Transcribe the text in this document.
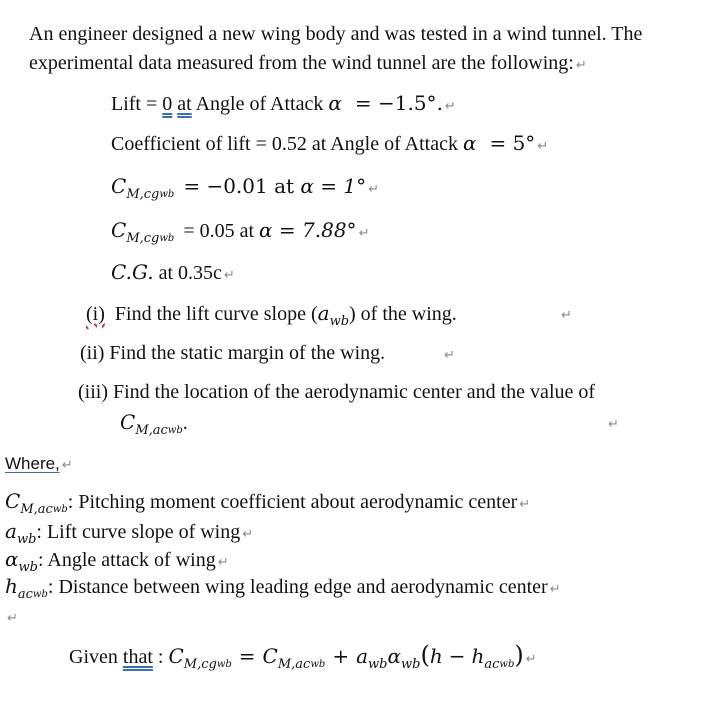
An engineer designed a new wing body and was tested in a wind tunnel. The
experimental data measured from the wind tunnel are the following: ↵
Lift = 0 at Angle of Attack α = −1.5°. ↵
Coefficient of lift = 0.52 at Angle of Attack α = 5° ↵
$C_{M,cgwb} = -0.01$ at α = 1° ↵
$C_{M,cgwb} = 0.05$ at α = 7.88° ↵
C.G. at 0.35c ↵
(i) Find the lift curve slope $(a_{wb})$ of the wing.	↵
(ii) Find the static margin of the wing.	↵
(iii) Find the location of the aerodynamic center and the value of
$C_{M,acwb}$.	↵
Where, ↵
$C_{M,acwb}$: Pitching moment coefficient about aerodynamic center ↵
$a_{wb}$: Lift curve slope of wing ↵
$\alpha_{wb}$: Angle attack of wing ↵
$h_{acwb}$: Distance between wing leading edge and aerodynamic center ↵
↵
Given that : $C_{M,cgwb} = C_{M,acwb} + a_{wb}\alpha_{wb}(h - h_{acwb})$ ↵
